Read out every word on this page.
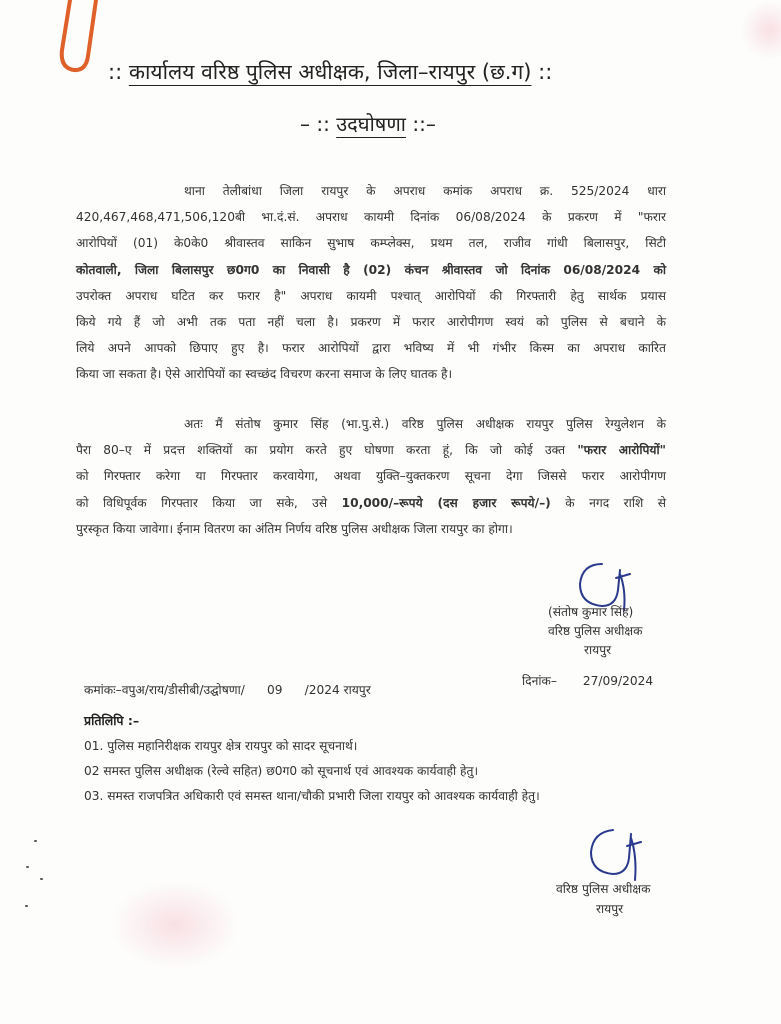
:: कार्यालय वरिष्ठ पुलिस अधीक्षक, जिला–रायपुर (छ.ग) ::
– :: उदघोषणा ::–
थाना तेलीबांधा जिला रायपुर के अपराध कमांक अपराध क्र. 525/2024 धारा
420,467,468,471,506,120बी भा.दं.सं. अपराध कायमी दिनांक 06/08/2024 के प्रकरण में "फरार
आरोपियों (01) के0के0 श्रीवास्तव साकिन सुभाष कम्प्लेक्स, प्रथम तल, राजीव गांधी बिलासपुर, सिटी
कोतवाली, जिला बिलासपुर छ0ग0 का निवासी है (02) कंचन श्रीवास्तव जो दिनांक 06/08/2024 को
उपरोक्त अपराध घटित कर फरार है" अपराध कायमी पश्चात् आरोपियों की गिरफ्तारी हेतु सार्थक प्रयास
किये गये हैं जो अभी तक पता नहीं चला है। प्रकरण में फरार आरोपीगण स्वयं को पुलिस से बचाने के
लिये अपने आपको छिपाए हुए है। फरार आरोपियों द्वारा भविष्य में भी गंभीर किस्म का अपराध कारित
किया जा सकता है। ऐसे आरोपियों का स्वच्छंद विचरण करना समाज के लिए घातक है।
अतः मैं संतोष कुमार सिंह (भा.पु.से.) वरिष्ठ पुलिस अधीक्षक रायपुर पुलिस रेग्युलेशन के
पैरा 80–ए में प्रदत्त शक्तियों का प्रयोग करते हुए घोषणा करता हूं, कि जो कोई उक्त "फरार आरोपियों"
को गिरफ्तार करेगा या गिरफ्तार करवायेगा, अथवा युक्ति–युक्तकरण सूचना देगा जिससे फरार आरोपीगण
को विधिपूर्वक गिरफ्तार किया जा सके, उसे 10,000/–रूपये (दस हजार रूपये/–) के नगद राशि से
पुरस्कृत किया जावेगा। ईनाम वितरण का अंतिम निर्णय वरिष्ठ पुलिस अधीक्षक जिला रायपुर का होगा।
(संतोष कुमार सिंह)
वरिष्ठ पुलिस अधीक्षक
रायपुर
कमांकः–वपुअ/राय/डीसीबी/उद्घोषणा/ 09 /2024 रायपुर
दिनांक– 27/09/2024
प्रतिलिपि :–
01. पुलिस महानिरीक्षक रायपुर क्षेत्र रायपुर को सादर सूचनार्थ।
02 समस्त पुलिस अधीक्षक (रेल्वे सहित) छ0ग0 को सूचनार्थ एवं आवश्यक कार्यवाही हेतु।
03. समस्त राजपत्रित अधिकारी एवं समस्त थाना/चौकी प्रभारी जिला रायपुर को आवश्यक कार्यवाही हेतु।
वरिष्ठ पुलिस अधीक्षक
रायपुर
